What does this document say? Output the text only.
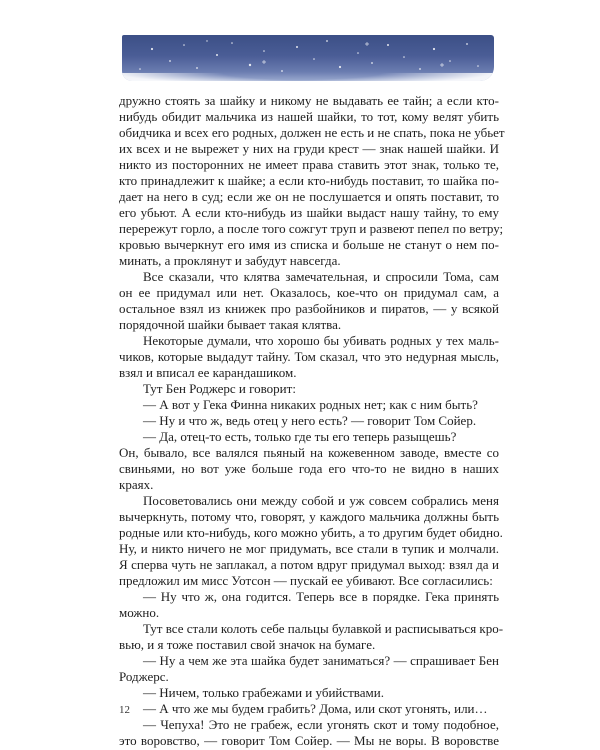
дружно стоять за шайку и никому не выдавать ее тайн; а если кто-
нибудь обидит мальчика из нашей шайки, то тот, кому велят убить
обидчика и всех его родных, должен не есть и не спать, пока не убьет
их всех и не вырежет у них на груди крест — знак нашей шайки. И
никто из посторонних не имеет права ставить этот знак, только те,
кто принадлежит к шайке; а если кто-нибудь поставит, то шайка по-
дает на него в суд; если же он не послушается и опять поставит, то
его убьют. А если кто-нибудь из шайки выдаст нашу тайну, то ему
перережут горло, а после того сожгут труп и развеют пепел по ветру;
кровью вычеркнут его имя из списка и больше не станут о нем по-
минать, а проклянут и забудут навсегда.
Все сказали, что клятва замечательная, и спросили Тома, сам
он ее придумал или нет. Оказалось, кое-что он придумал сам, а
остальное взял из книжек про разбойников и пиратов, — у всякой
порядочной шайки бывает такая клятва.
Некоторые думали, что хорошо бы убивать родных у тех маль-
чиков, которые выдадут тайну. Том сказал, что это недурная мысль,
взял и вписал ее карандашиком.
Тут Бен Роджерс и говорит:
— А вот у Гека Финна никаких родных нет; как с ним быть?
— Ну и что ж, ведь отец у него есть? — говорит Том Сойер.
— Да, отец-то есть, только где ты его теперь разыщешь?
Он, бывало, все валялся пьяный на кожевенном заводе, вместе со
свиньями, но вот уже больше года его что-то не видно в наших
краях.
Посоветовались они между собой и уж совсем собрались меня
вычеркнуть, потому что, говорят, у каждого мальчика должны быть
родные или кто-нибудь, кого можно убить, а то другим будет обидно.
Ну, и никто ничего не мог придумать, все стали в тупик и молчали.
Я сперва чуть не заплакал, а потом вдруг придумал выход: взял да и
предложил им мисс Уотсон — пускай ее убивают. Все согласились:
— Ну что ж, она годится. Теперь все в порядке. Гека принять
можно.
Тут все стали колоть себе пальцы булавкой и расписываться кро-
вью, и я тоже поставил свой значок на бумаге.
— Ну а чем же эта шайка будет заниматься? — спрашивает Бен
Роджерс.
— Ничем, только грабежами и убийствами.
— А что же мы будем грабить? Дома, или скот угонять, или…
— Чепуха! Это не грабеж, если угонять скот и тому подобное,
это воровство, — говорит Том Сойер. — Мы не воры. В воровстве
12
